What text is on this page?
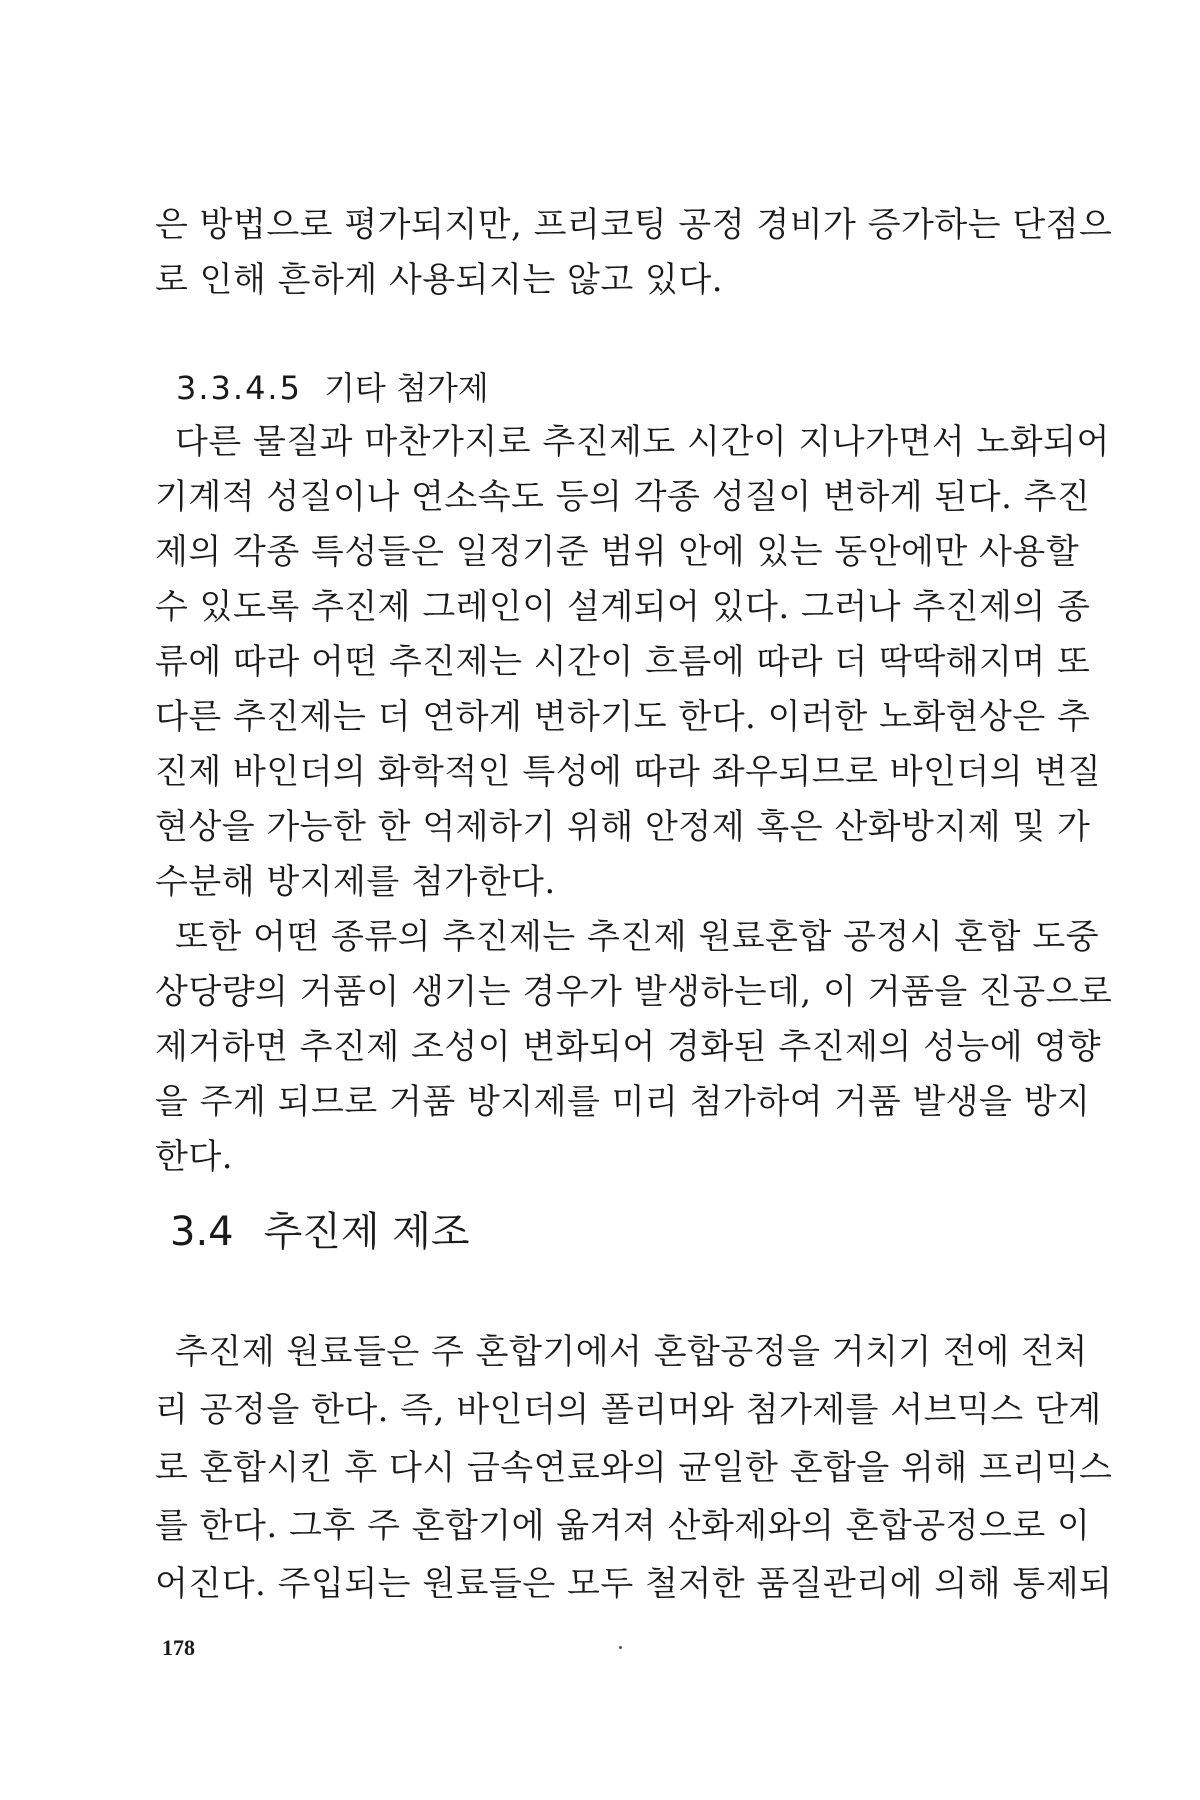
은 방법으로 평가되지만, 프리코팅 공정 경비가 증가하는 단점으
로 인해 흔하게 사용되지는 않고 있다.
3.3.4.5 기타 첨가제
다른 물질과 마찬가지로 추진제도 시간이 지나가면서 노화되어
기계적 성질이나 연소속도 등의 각종 성질이 변하게 된다. 추진
제의 각종 특성들은 일정기준 범위 안에 있는 동안에만 사용할
수 있도록 추진제 그레인이 설계되어 있다. 그러나 추진제의 종
류에 따라 어떤 추진제는 시간이 흐름에 따라 더 딱딱해지며 또
다른 추진제는 더 연하게 변하기도 한다. 이러한 노화현상은 추
진제 바인더의 화학적인 특성에 따라 좌우되므로 바인더의 변질
현상을 가능한 한 억제하기 위해 안정제 혹은 산화방지제 및 가
수분해 방지제를 첨가한다.
또한 어떤 종류의 추진제는 추진제 원료혼합 공정시 혼합 도중
상당량의 거품이 생기는 경우가 발생하는데, 이 거품을 진공으로
제거하면 추진제 조성이 변화되어 경화된 추진제의 성능에 영향
을 주게 되므로 거품 방지제를 미리 첨가하여 거품 발생을 방지
한다.
3.4 추진제 제조
추진제 원료들은 주 혼합기에서 혼합공정을 거치기 전에 전처
리 공정을 한다. 즉, 바인더의 폴리머와 첨가제를 서브믹스 단계
로 혼합시킨 후 다시 금속연료와의 균일한 혼합을 위해 프리믹스
를 한다. 그후 주 혼합기에 옮겨져 산화제와의 혼합공정으로 이
어진다. 주입되는 원료들은 모두 철저한 품질관리에 의해 통제되
178
